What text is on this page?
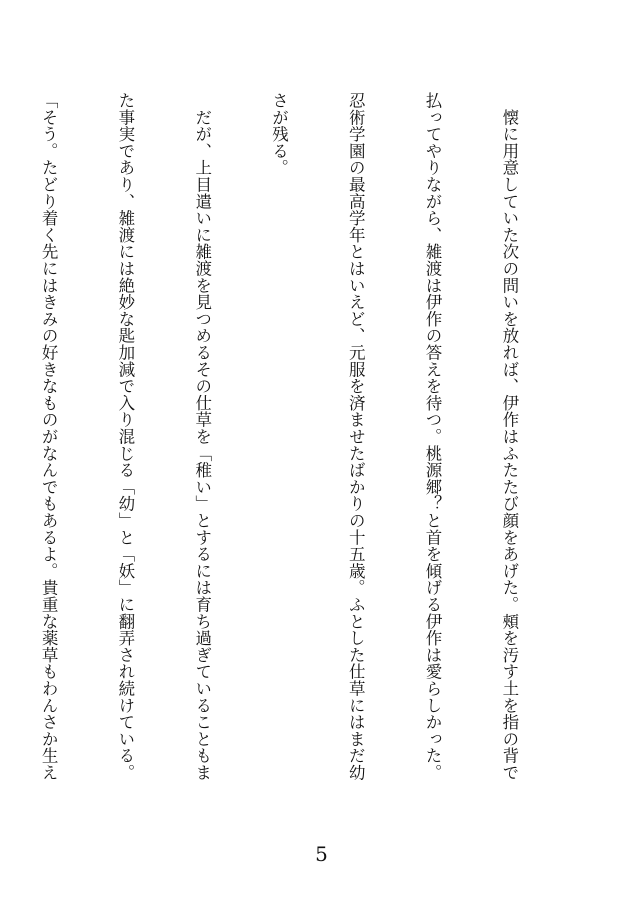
　懐に用意していた次の問いを放れば、伊作はふたたび顔をあげた。頰を汚す土を指の背で

払ってやりながら、雑渡は伊作の答えを待つ。桃源郷？と首を傾げる伊作は愛らしかった。

忍術学園の最高学年とはいえど、元服を済ませたばかりの十五歳。ふとした仕草にはまだ幼

さが残る。

　だが、上目遣いに雑渡を見つめるその仕草を「稚い」とするには育ち過ぎていることもま

た事実であり、雑渡には絶妙な匙加減で入り混じる「幼」と「妖」に翻弄され続けている。

「そう。たどり着く先にはきみの好きなものがなんでもあるよ。貴重な薬草もわんさか生え

5
